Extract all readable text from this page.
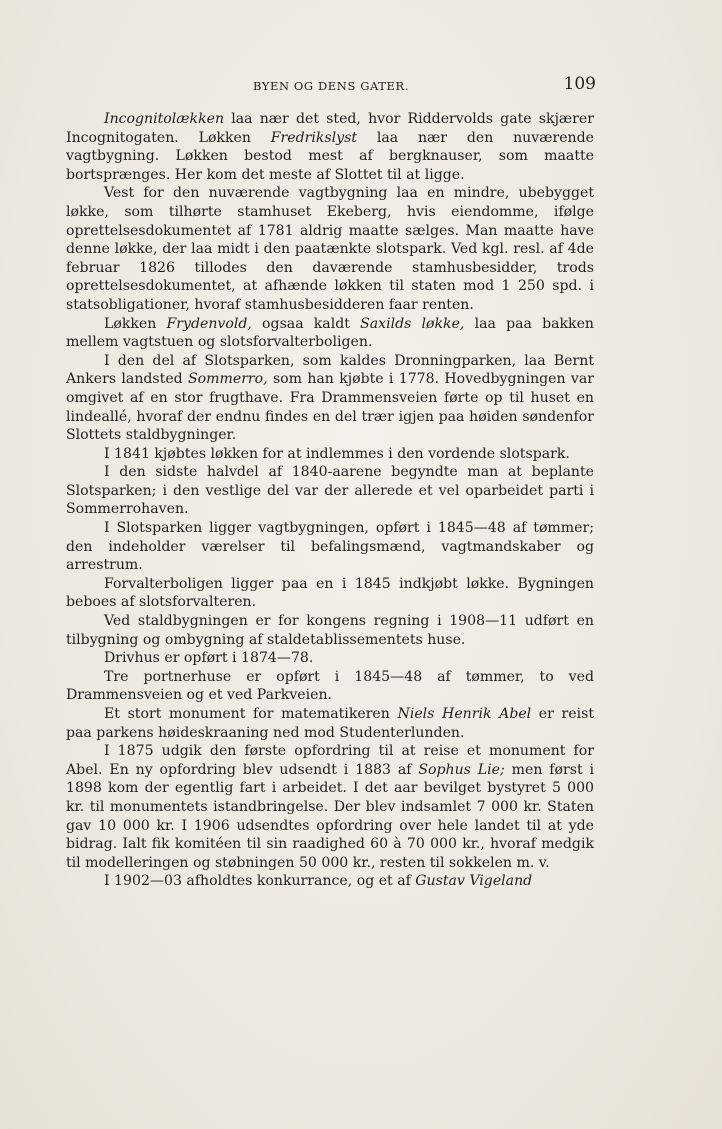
BYEN OG DENS GATER.	109

Incognitolækken laa nær det sted, hvor Riddervolds gate skjærer Incognitogaten. Løkken Fredrikslyst laa nær den nuværende vagtbygning. Løkken bestod mest af bergknauser, som maatte bortsprænges. Her kom det meste af Slottet til at ligge.

Vest for den nuværende vagtbygning laa en mindre, ubebygget løkke, som tilhørte stamhuset Ekeberg, hvis eiendomme, ifølge oprettelsesdokumentet af 1781 aldrig maatte sælges. Man maatte have denne løkke, der laa midt i den paatænkte slotspark. Ved kgl. resl. af 4de februar 1826 tillodes den daværende stamhusbesidder, trods oprettelsesdokumentet, at afhænde løkken til staten mod 1 250 spd. i statsobligationer, hvoraf stamhusbesidderen faar renten.

Løkken Frydenvold, ogsaa kaldt Saxilds løkke, laa paa bakken mellem vagtstuen og slotsforvalterboligen.

I den del af Slotsparken, som kaldes Dronningparken, laa Bernt Ankers landsted Sommerro, som han kjøbte i 1778. Hovedbygningen var omgivet af en stor frugthave. Fra Drammensveien førte op til huset en lindeallé, hvoraf der endnu findes en del trær igjen paa høiden søndenfor Slottets staldbygninger.

I 1841 kjøbtes løkken for at indlemmes i den vordende slotspark.

I den sidste halvdel af 1840-aarene begyndte man at beplante Slotsparken; i den vestlige del var der allerede et vel oparbeidet parti i Sommerrohaven.

I Slotsparken ligger vagtbygningen, opført i 1845—48 af tømmer; den indeholder værelser til befalingsmænd, vagtmandskaber og arrestrum.

Forvalterboligen ligger paa en i 1845 indkjøbt løkke. Bygningen beboes af slotsforvalteren.

Ved staldbygningen er for kongens regning i 1908—11 udført en tilbygning og ombygning af staldetablissementets huse.

Drivhus er opført i 1874—78.

Tre portnerhuse er opført i 1845—48 af tømmer, to ved Drammensveien og et ved Parkveien.

Et stort monument for matematikeren Niels Henrik Abel er reist paa parkens høideskraaning ned mod Studenterlunden.

I 1875 udgik den første opfordring til at reise et monument for Abel. En ny opfordring blev udsendt i 1883 af Sophus Lie; men først i 1898 kom der egentlig fart i arbeidet. I det aar bevilget bystyret 5 000 kr. til monumentets istandbringelse. Der blev indsamlet 7 000 kr. Staten gav 10 000 kr. I 1906 udsendtes opfordring over hele landet til at yde bidrag. Ialt fik komitéen til sin raadighed 60 à 70 000 kr., hvoraf medgik til modelleringen og støbningen 50 000 kr., resten til sokkelen m. v.

I 1902—03 afholdtes konkurrance, og et af Gustav Vigeland
